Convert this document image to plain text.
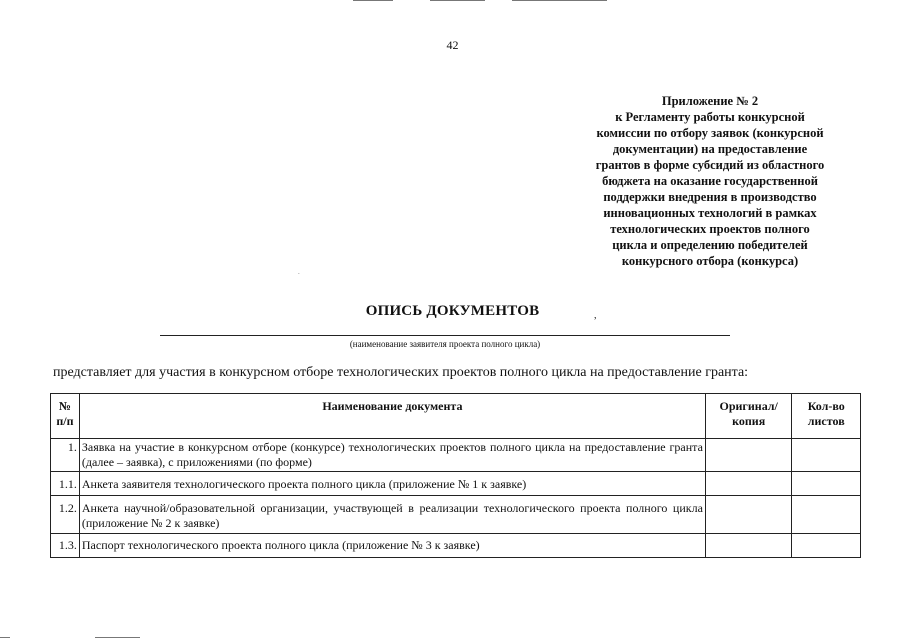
.
42
Приложение № 2
к Регламенту работы конкурсной
комиссии по отбору заявок (конкурсной
документации) на предоставление
грантов в форме субсидий из областного
бюджета на оказание государственной
поддержки внедрения в производство
инновационных технологий в рамках
технологических проектов полного
цикла и определению победителей
конкурсного отбора (конкурса)
ОПИСЬ ДОКУМЕНТОВ	,
(наименование заявителя проекта полного цикла)
представляет для участия в конкурсном отборе технологических проектов полного цикла на предоставление гранта:
№ п/п	Наименование документа	Оригинал/ копия	Кол-во листов
1.	Заявка на участие в конкурсном отборе (конкурсе) технологических проектов полного цикла на предоставление гранта (далее – заявка), с приложениями (по форме)		
1.1.	Анкета заявителя технологического проекта полного цикла (приложение № 1 к заявке)		
1.2.	Анкета научной/образовательной организации, участвующей в реализации технологического проекта полного цикла (приложение № 2 к заявке)		
1.3.	Паспорт технологического проекта полного цикла (приложение № 3 к заявке)		
